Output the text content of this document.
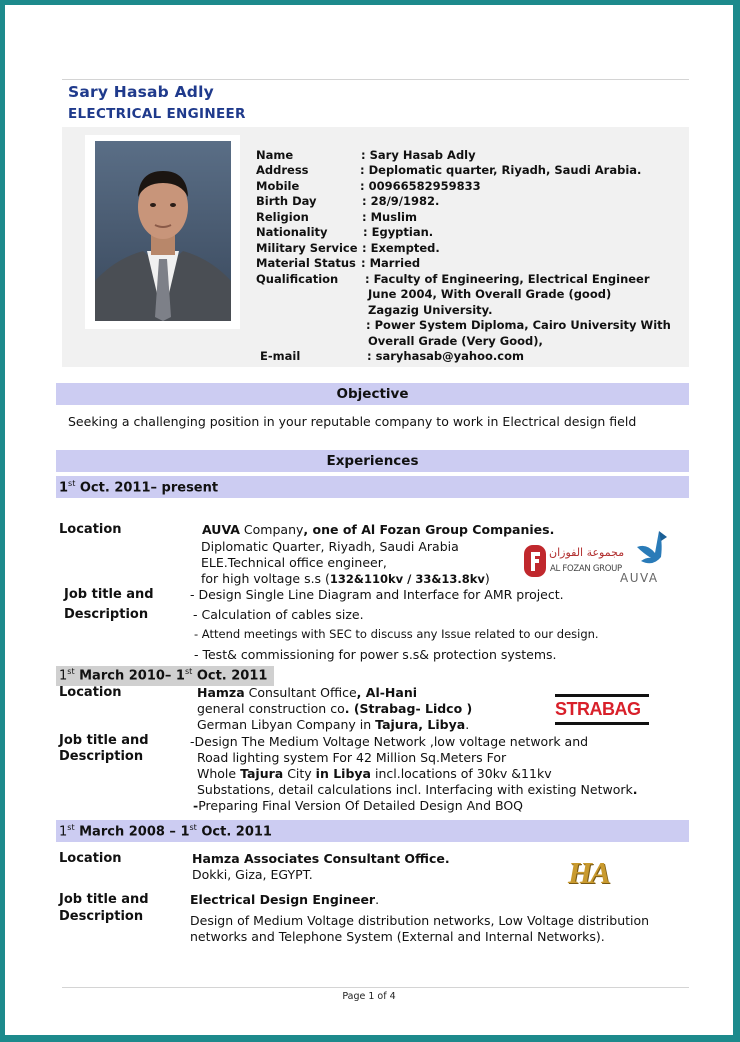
Sary Hasab Adly
ELECTRICAL ENGINEER
Name	: Sary Hasab Adly
Address	: Deplomatic quarter, Riyadh, Saudi Arabia.
Mobile	: 00966582959833
Birth Day	: 28/9/1982.
Religion	: Muslim
Nationality	: Egyptian.
Military Service : Exempted.
Material Status : Married
Qualification : Faculty of Engineering, Electrical Engineer
June 2004, With Overall Grade (good)
Zagazig University.
: Power System Diploma, Cairo University With
Overall Grade (Very Good),
E-mail	: saryhasab@yahoo.com
Objective
Seeking a challenging position in your reputable company to work in Electrical design field
Experiences
1st Oct. 2011– present
Location	AUVA Company, one of Al Fozan Group Companies.
Diplomatic Quarter, Riyadh, Saudi Arabia
ELE.Technical office engineer,
for high voltage s.s (132&110kv / 33&13.8kv)
مجموعة الفوزان
AL FOZAN GROUP
AUVA
Job title and
Description
- Design Single Line Diagram and Interface for AMR project.
- Calculation of cables size.
- Attend meetings with SEC to discuss any Issue related to our design.
- Test& commissioning for power s.s& protection systems.
1st March 2010– 1st Oct. 2011
Location	Hamza Consultant Office, Al-Hani
general construction co. (Strabag- Lidco )
German Libyan Company in Tajura, Libya.
STRABAG
Job title and
Description
-Design The Medium Voltage Network ,low voltage network and
Road lighting system For 42 Million Sq.Meters For
Whole Tajura City in Libya incl.locations of 30kv &11kv
Substations, detail calculations incl. Interfacing with existing Network.
-Preparing Final Version Of Detailed Design And BOQ
1st March 2008 – 1st Oct. 2011
Location	Hamza Associates Consultant Office.
Dokki, Giza, EGYPT.	HA
Job title and
Description
Electrical Design Engineer.
Design of Medium Voltage distribution networks, Low Voltage distribution
networks and Telephone System (External and Internal Networks).
Page 1 of 4
